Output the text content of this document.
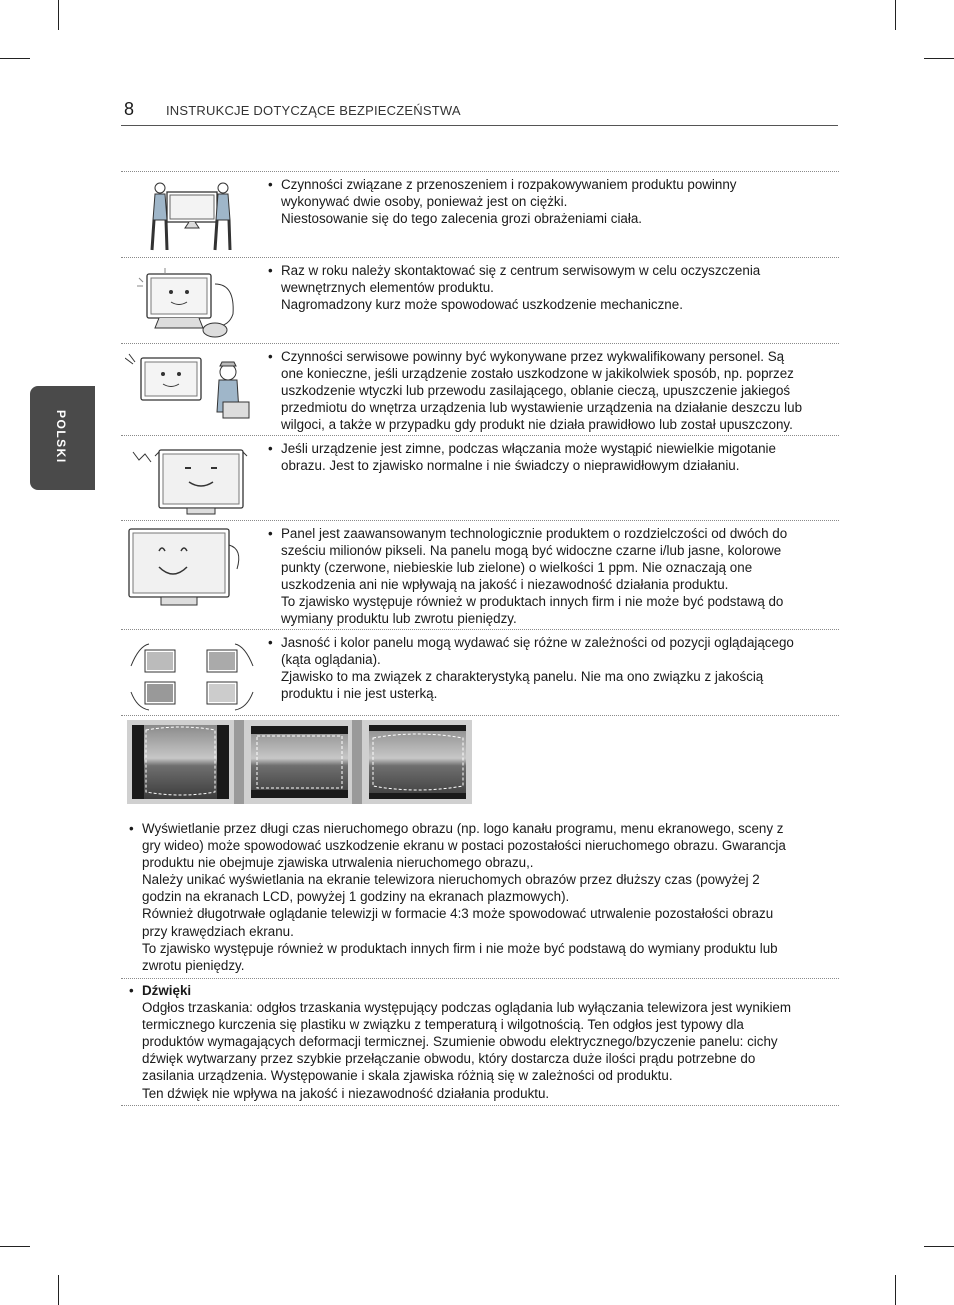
8 INSTRUKCJE DOTYCZĄCE BEZPIECZEŃSTWA
POLSKI
• Czynności związane z przenoszeniem i rozpakowywaniem produktu powinny
wykonywać dwie osoby, ponieważ jest on ciężki.
Niestosowanie się do tego zalecenia grozi obrażeniami ciała.
• Raz w roku należy skontaktować się z centrum serwisowym w celu oczyszczenia
wewnętrznych elementów produktu.
Nagromadzony kurz może spowodować uszkodzenie mechaniczne.
• Czynności serwisowe powinny być wykonywane przez wykwalifikowany personel. Są
one konieczne, jeśli urządzenie zostało uszkodzone w jakikolwiek sposób, np. poprzez
uszkodzenie wtyczki lub przewodu zasilającego, oblanie cieczą, upuszczenie jakiegoś
przedmiotu do wnętrza urządzenia lub wystawienie urządzenia na działanie deszczu lub
wilgoci, a także w przypadku gdy produkt nie działa prawidłowo lub został upuszczony.
• Jeśli urządzenie jest zimne, podczas włączania może wystąpić niewielkie migotanie
obrazu. Jest to zjawisko normalne i nie świadczy o nieprawidłowym działaniu.
• Panel jest zaawansowanym technologicznie produktem o rozdzielczości od dwóch do
sześciu milionów pikseli. Na panelu mogą być widoczne czarne i/lub jasne, kolorowe
punkty (czerwone, niebieskie lub zielone) o wielkości 1 ppm. Nie oznaczają one
uszkodzenia ani nie wpływają na jakość i niezawodność działania produktu.
To zjawisko występuje również w produktach innych firm i nie może być podstawą do
wymiany produktu lub zwrotu pieniędzy.
• Jasność i kolor panelu mogą wydawać się różne w zależności od pozycji oglądającego
(kąta oglądania).
Zjawisko to ma związek z charakterystyką panelu. Nie ma ono związku z jakością
produktu i nie jest usterką.
• Wyświetlanie przez długi czas nieruchomego obrazu (np. logo kanału programu, menu ekranowego, sceny z
gry wideo) może spowodować uszkodzenie ekranu w postaci pozostałości nieruchomego obrazu. Gwarancja
produktu nie obejmuje zjawiska utrwalenia nieruchomego obrazu,.
Należy unikać wyświetlania na ekranie telewizora nieruchomych obrazów przez dłuższy czas (powyżej 2
godzin na ekranach LCD, powyżej 1 godziny na ekranach plazmowych).
Również długotrwałe oglądanie telewizji w formacie 4:3 może spowodować utrwalenie pozostałości obrazu
przy krawędziach ekranu.
To zjawisko występuje również w produktach innych firm i nie może być podstawą do wymiany produktu lub
zwrotu pieniędzy.
• Dźwięki
Odgłos trzaskania: odgłos trzaskania występujący podczas oglądania lub wyłączania telewizora jest wynikiem
termicznego kurczenia się plastiku w związku z temperaturą i wilgotnością. Ten odgłos jest typowy dla
produktów wymagających deformacji termicznej. Szumienie obwodu elektrycznego/bzyczenie panelu: cichy
dźwięk wytwarzany przez szybkie przełączanie obwodu, który dostarcza duże ilości prądu potrzebne do
zasilania urządzenia. Występowanie i skala zjawiska różnią się w zależności od produktu.
Ten dźwięk nie wpływa na jakość i niezawodność działania produktu.
